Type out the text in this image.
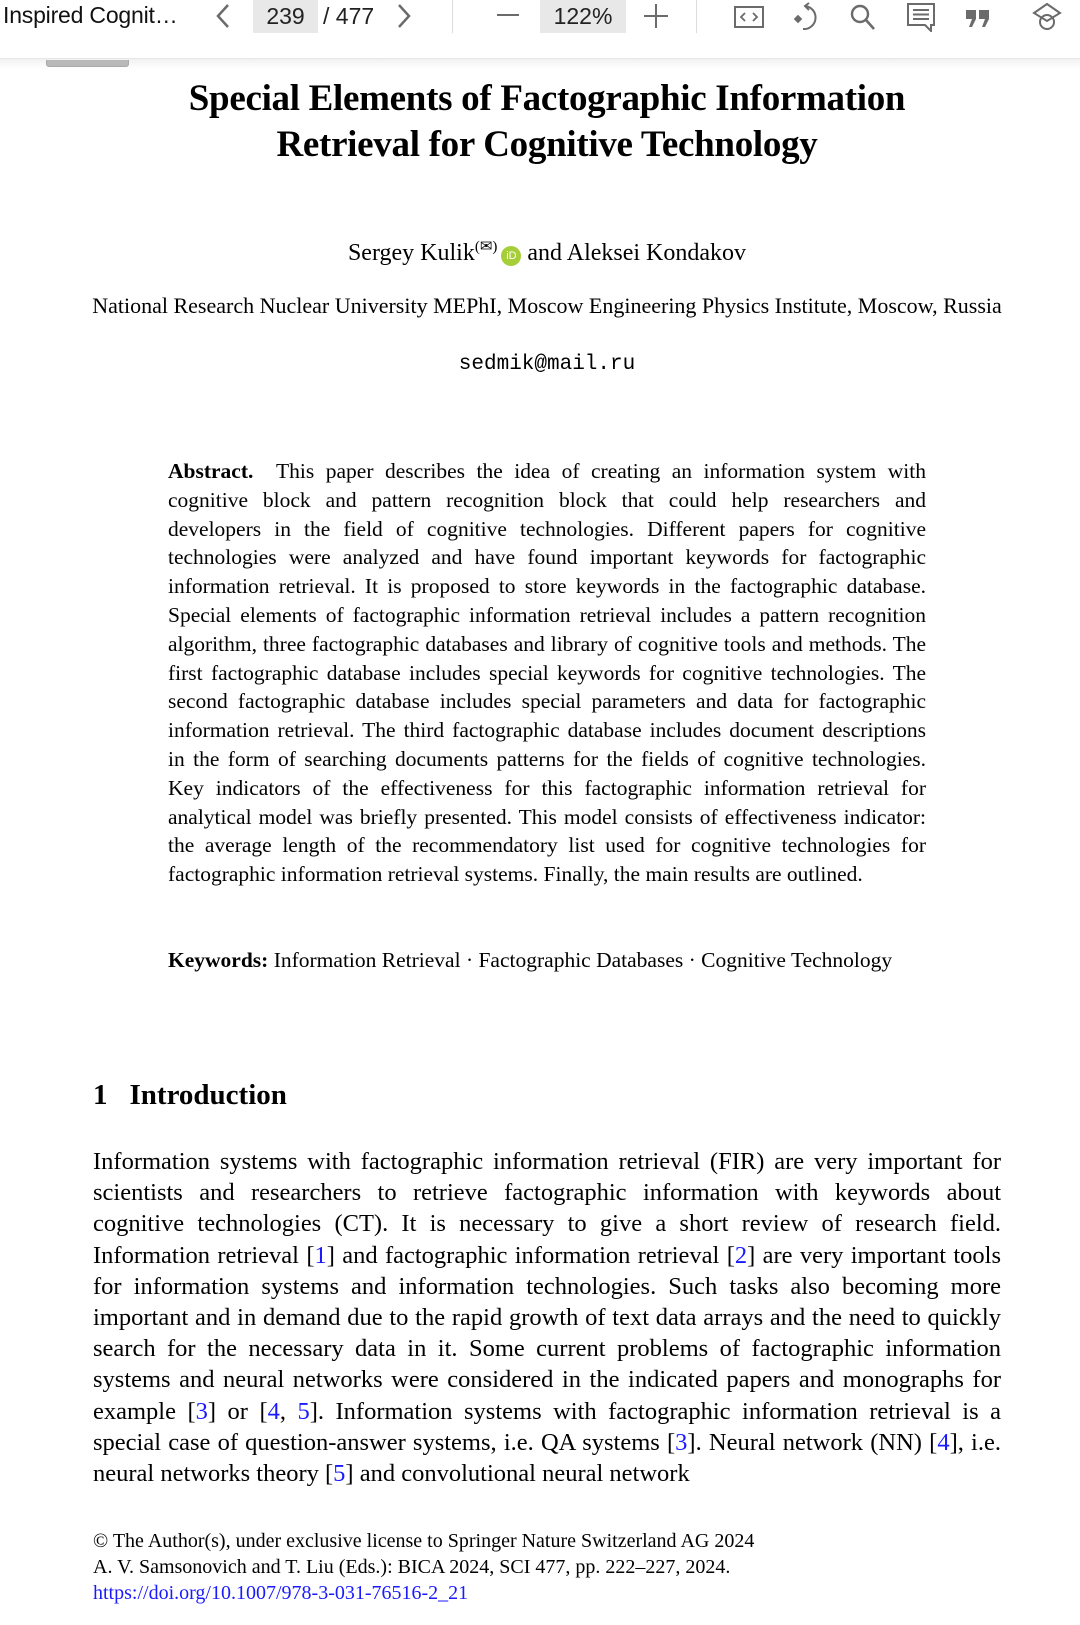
Inspired Cognit…	239 / 477	122%
Special Elements of Factographic Information
Retrieval for Cognitive Technology
Sergey Kulik(✉)iD and Aleksei Kondakov
National Research Nuclear University MEPhI, Moscow Engineering Physics Institute, Moscow, Russia
sedmik@mail.ru
Abstract. This paper describes the idea of creating an information system with cognitive block and pattern recognition block that could help researchers and developers in the field of cognitive technologies. Different papers for cognitive technologies were analyzed and have found important keywords for factographic information retrieval. It is proposed to store keywords in the factographic database. Special elements of factographic information retrieval includes a pattern recognition algorithm, three factographic databases and library of cognitive tools and methods. The first factographic database includes special keywords for cognitive technologies. The second factographic database includes special parameters and data for factographic information retrieval. The third factographic database includes document descriptions in the form of searching documents patterns for the fields of cognitive technologies. Key indicators of the effectiveness for this factographic information retrieval for analytical model was briefly presented. This model consists of effectiveness indicator: the average length of the recommendatory list used for cognitive technologies for factographic information retrieval systems. Finally, the main results are outlined.
Keywords: Information Retrieval · Factographic Databases · Cognitive Technology
1 Introduction
Information systems with factographic information retrieval (FIR) are very important for scientists and researchers to retrieve factographic information with keywords about cognitive technologies (CT). It is necessary to give a short review of research field. Information retrieval [1] and factographic information retrieval [2] are very important tools for information systems and information technologies. Such tasks also becoming more important and in demand due to the rapid growth of text data arrays and the need to quickly search for the necessary data in it. Some current problems of factographic information systems and neural networks were considered in the indicated papers and monographs for example [3] or [4, 5]. Information systems with factographic information retrieval is a special case of question-answer systems, i.e. QA systems [3]. Neural network (NN) [4], i.e. neural networks theory [5] and convolutional neural network
© The Author(s), under exclusive license to Springer Nature Switzerland AG 2024
A. V. Samsonovich and T. Liu (Eds.): BICA 2024, SCI 477, pp. 222–227, 2024.
https://doi.org/10.1007/978-3-031-76516-2_21
